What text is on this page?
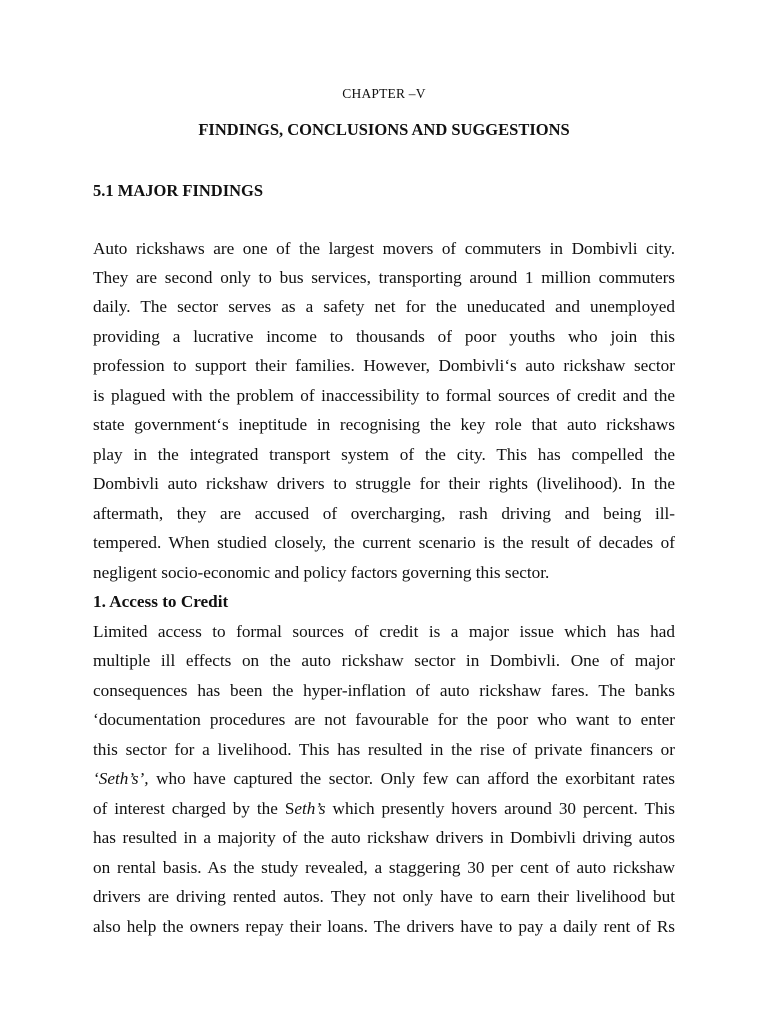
CHAPTER –V
FINDINGS, CONCLUSIONS AND SUGGESTIONS
5.1 MAJOR FINDINGS
Auto rickshaws are one of the largest movers of commuters in Dombivli city.
They are second only to bus services, transporting around 1 million commuters
daily. The sector serves as a safety net for the uneducated and unemployed
providing a lucrative income to thousands of poor youths who join this
profession to support their families. However, Dombivli‘s auto rickshaw sector
is plagued with the problem of inaccessibility to formal sources of credit and the
state government‘s ineptitude in recognising the key role that auto rickshaws
play in the integrated transport system of the city. This has compelled the
Dombivli auto rickshaw drivers to struggle for their rights (livelihood). In the
aftermath, they are accused of overcharging, rash driving and being ill-
tempered. When studied closely, the current scenario is the result of decades of
negligent socio-economic and policy factors governing this sector.
1. Access to Credit
Limited access to formal sources of credit is a major issue which has had
multiple ill effects on the auto rickshaw sector in Dombivli. One of major
consequences has been the hyper-inflation of auto rickshaw fares. The banks
‘documentation procedures are not favourable for the poor who want to enter
this sector for a livelihood. This has resulted in the rise of private financers or
‘Seth’s’, who have captured the sector. Only few can afford the exorbitant rates
of interest charged by the Seth’s which presently hovers around 30 percent. This
has resulted in a majority of the auto rickshaw drivers in Dombivli driving autos
on rental basis. As the study revealed, a staggering 30 per cent of auto rickshaw
drivers are driving rented autos. They not only have to earn their livelihood but
also help the owners repay their loans. The drivers have to pay a daily rent of Rs
